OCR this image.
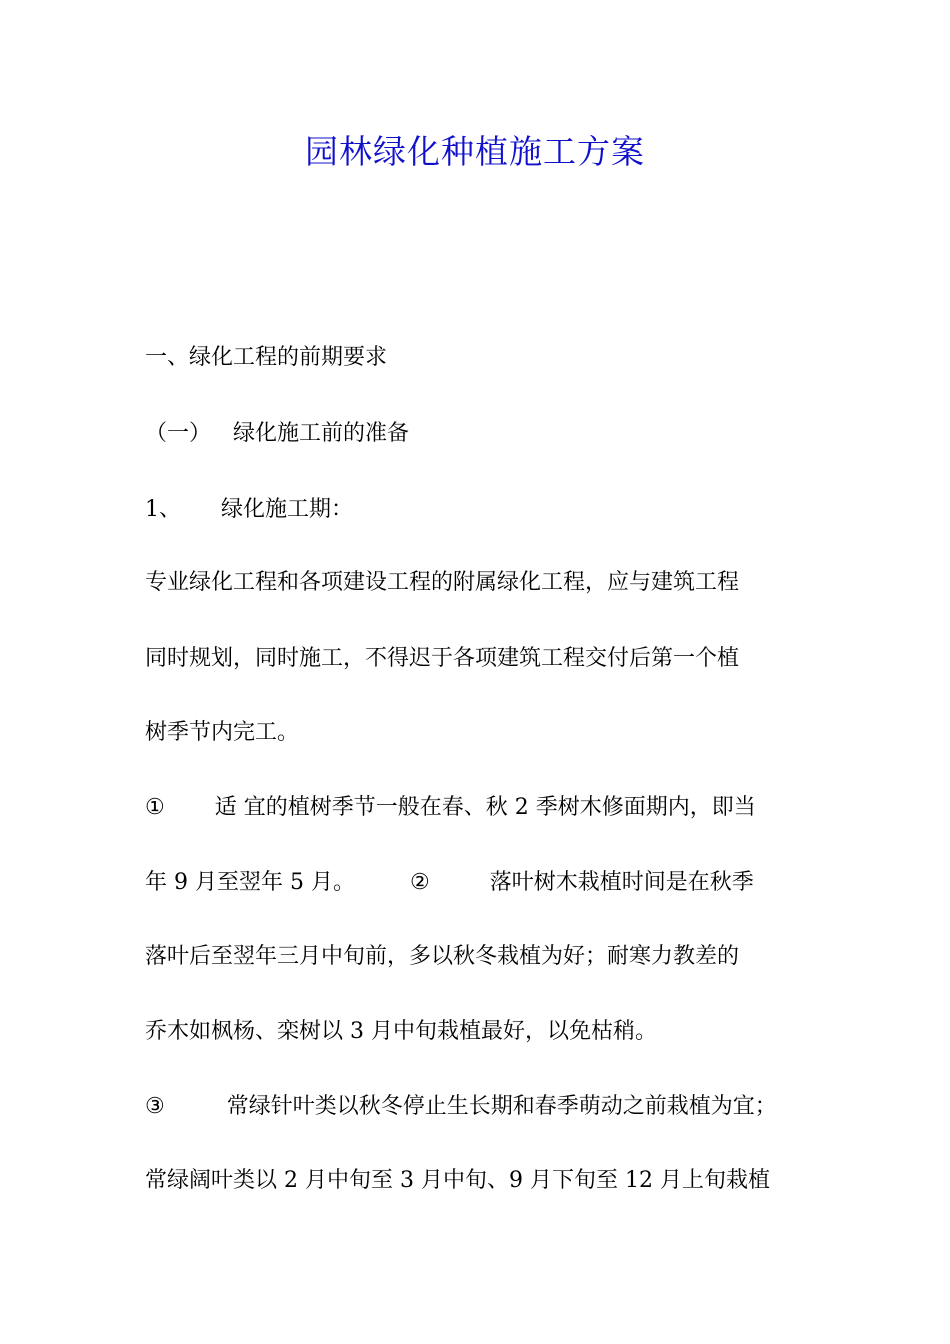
园林绿化种植施工方案

一、绿化工程的前期要求

（一） 绿化施工前的准备

1、 绿化施工期：

专业绿化工程和各项建设工程的附属绿化工程，应与建筑工程

同时规划，同时施工，不得迟于各项建筑工程交付后第一个植

树季节内完工。

① 适 宜的植树季节一般在春、秋 2 季树木修面期内，即当

年 9 月至翌年 5 月。	②	落叶树木栽植时间是在秋季

落叶后至翌年三月中旬前，多以秋冬栽植为好；耐寒力教差的

乔木如枫杨、栾树以 3 月中旬栽植最好，以免枯稍。

③	常绿针叶类以秋冬停止生长期和春季萌动之前栽植为宜；

常绿阔叶类以 2 月中旬至 3 月中旬、9 月下旬至 12 月上旬栽植
